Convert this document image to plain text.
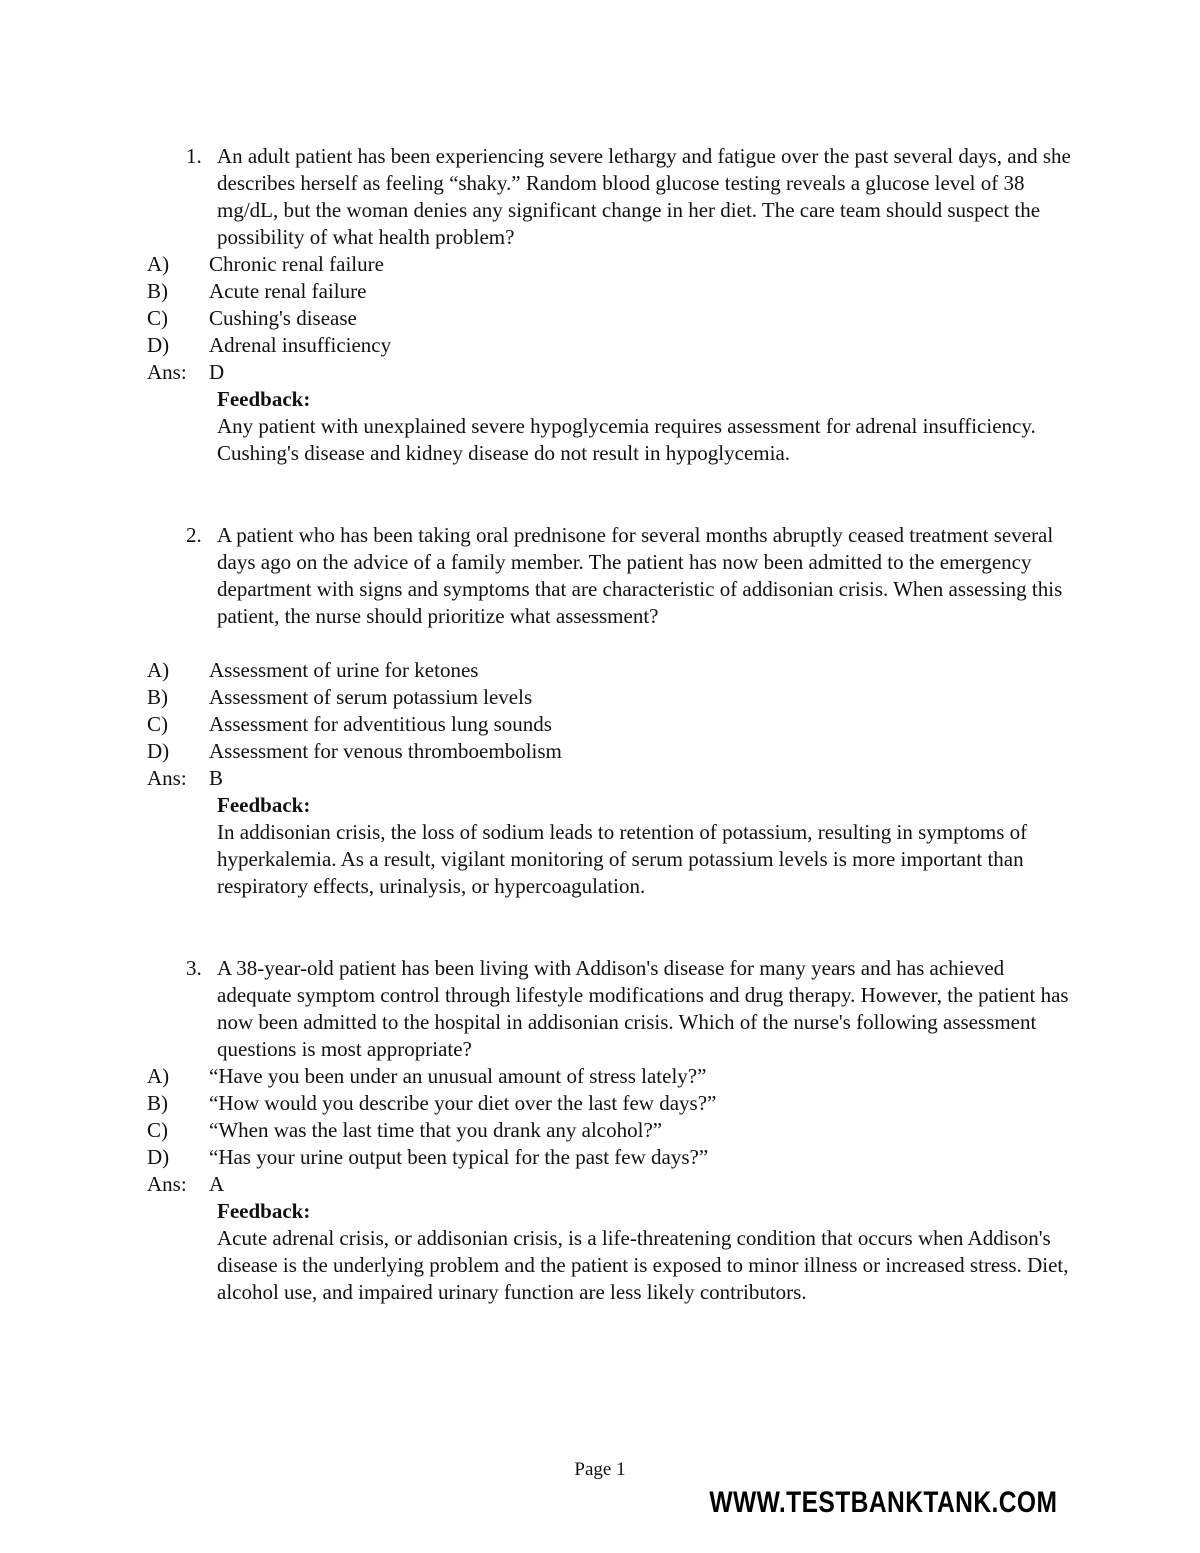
1. An adult patient has been experiencing severe lethargy and fatigue over the past several days, and she describes herself as feeling “shaky.” Random blood glucose testing reveals a glucose level of 38 mg/dL, but the woman denies any significant change in her diet. The care team should suspect the possibility of what health problem?
A) Chronic renal failure
B) Acute renal failure
C) Cushing's disease
D) Adrenal insufficiency
Ans: D
Feedback:
Any patient with unexplained severe hypoglycemia requires assessment for adrenal insufficiency. Cushing's disease and kidney disease do not result in hypoglycemia.
2. A patient who has been taking oral prednisone for several months abruptly ceased treatment several days ago on the advice of a family member. The patient has now been admitted to the emergency department with signs and symptoms that are characteristic of addisonian crisis. When assessing this patient, the nurse should prioritize what assessment?
A) Assessment of urine for ketones
B) Assessment of serum potassium levels
C) Assessment for adventitious lung sounds
D) Assessment for venous thromboembolism
Ans: B
Feedback:
In addisonian crisis, the loss of sodium leads to retention of potassium, resulting in symptoms of hyperkalemia. As a result, vigilant monitoring of serum potassium levels is more important than respiratory effects, urinalysis, or hypercoagulation.
3. A 38-year-old patient has been living with Addison's disease for many years and has achieved adequate symptom control through lifestyle modifications and drug therapy. However, the patient has now been admitted to the hospital in addisonian crisis. Which of the nurse's following assessment questions is most appropriate?
A) “Have you been under an unusual amount of stress lately?”
B) “How would you describe your diet over the last few days?”
C) “When was the last time that you drank any alcohol?”
D) “Has your urine output been typical for the past few days?”
Ans: A
Feedback:
Acute adrenal crisis, or addisonian crisis, is a life-threatening condition that occurs when Addison's disease is the underlying problem and the patient is exposed to minor illness or increased stress. Diet, alcohol use, and impaired urinary function are less likely contributors.
Page 1
WWW.TESTBANKTANK.COM
